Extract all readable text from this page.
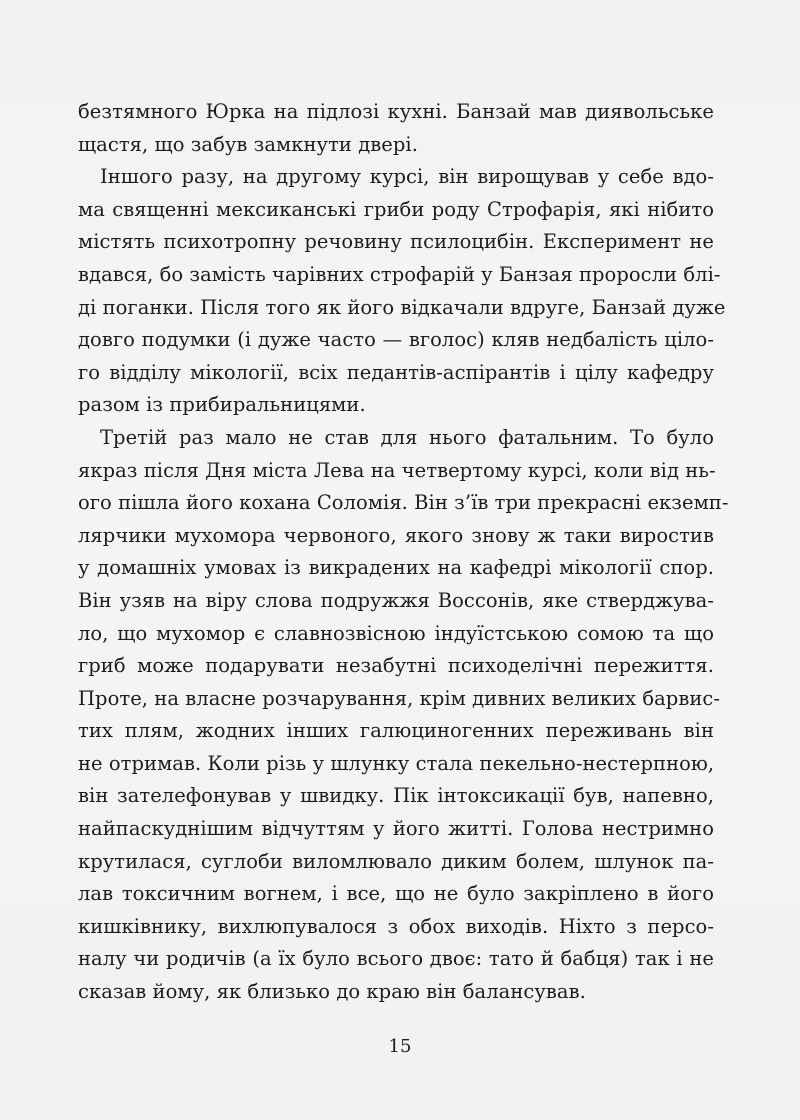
безтямного Юрка на підлозі кухні. Банзай мав диявольське
щастя, що забув замкнути двері.
Іншого разу, на другому курсі, він вирощував у себе вдо-
ма священні мексиканські гриби роду Строфарія, які нібито
містять психотропну речовину псилоцибін. Експеримент не
вдався, бо замість чарівних строфарій у Банзая проросли блі-
ді поганки. Після того як його відкачали вдруге, Банзай дуже
довго подумки (і дуже часто — вголос) кляв недбалість ціло-
го відділу мікології, всіх педантів-аспірантів і цілу кафедру
разом із прибиральницями.
Третій раз мало не став для нього фатальним. То було
якраз після Дня міста Лева на четвертому курсі, коли від нь-
ого пішла його кохана Соломія. Він з’їв три прекрасні екземп-
лярчики мухомора червоного, якого знову ж таки виростив
у домашніх умовах із викрадених на кафедрі мікології спор.
Він узяв на віру слова подружжя Воссонів, яке стверджува-
ло, що мухомор є славнозвісною індуїстською сомою та що
гриб може подарувати незабутні психоделічні пережиття.
Проте, на власне розчарування, крім дивних великих барвис-
тих плям, жодних інших галюциногенних переживань він
не отримав. Коли різь у шлунку стала пекельно-нестерпною,
він зателефонував у швидку. Пік інтоксикації був, напевно,
найпаскуднішим відчуттям у його житті. Голова нестримно
крутилася, суглоби виломлювало диким болем, шлунок па-
лав токсичним вогнем, і все, що не було закріплено в його
кишківнику, вихлюпувалося з обох виходів. Ніхто з персо-
налу чи родичів (а їх було всього двоє: тато й бабця) так і не
сказав йому, як близько до краю він балансував.
15
